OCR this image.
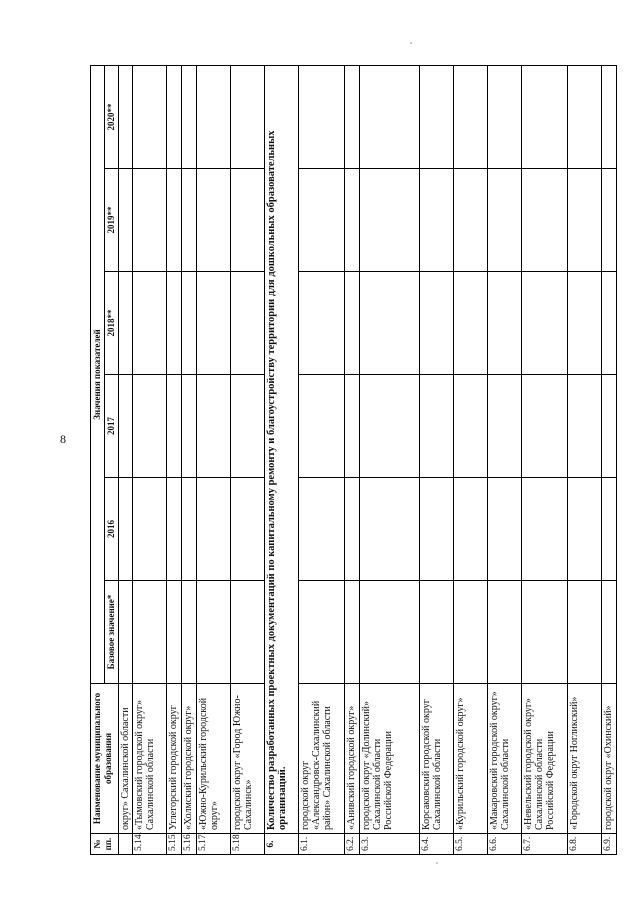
8
№ пп.	Наименование муниципального образования	Значения показателей					
		Базовое значение*	2016	2017	2018**	2019**	2020**
	округ» Сахалинской области						
5.14.	«Тымовский городской округ» Сахалинской области						
5.15.	Углегорский городской округ						
5.16.	«Холмский городской округ»						
5.17.	«Южно-Курильский городской округ»						
5.18.	городской округ «Город Южно-Сахалинск»						
6.	Количество разработанных проектных документаций по капитальному ремонту и благоустройству территории для дошкольных образовательных организаций.						
6.1.	городской округ «Александровск-Сахалинский район» Сахалинской области						
6.2.	«Анивский городской округ»						
6.3.	городской округ «Долинский» Сахалинской области Российской Федерации						
6.4.	Корсаковский городской округ Сахалинской области						
6.5.	«Курильский городской округ»						
6.6.	«Макаровский городской округ» Сахалинской области						
6.7.	«Невельский городской округ» Сахалинской области Российской Федерации						
6.8.	«Городской округ Ногликский»						
6.9.	городской округ «Охинский»						
